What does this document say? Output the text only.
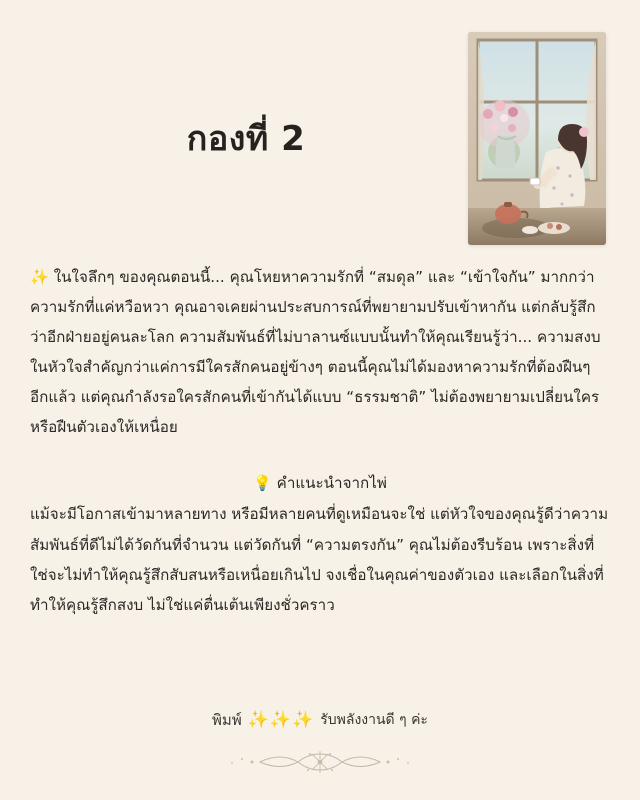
กองที่ 2
✨ ในใจลึกๆ ของคุณตอนนี้... คุณโหยหาความรักที่ “สมดุล” และ “เข้าใจกัน” มากกว่าความรักที่แค่หวือหวา คุณอาจเคยผ่านประสบการณ์ที่พยายามปรับเข้าหากัน แต่กลับรู้สึกว่าอีกฝ่ายอยู่คนละโลก ความสัมพันธ์ที่ไม่บาลานซ์แบบนั้นทำให้คุณเรียนรู้ว่า... ความสงบในหัวใจสำคัญกว่าแค่การมีใครสักคนอยู่ข้างๆ ตอนนี้คุณไม่ได้มองหาความรักที่ต้องฝืนๆ อีกแล้ว แต่คุณกำลังรอใครสักคนที่เข้ากันได้แบบ “ธรรมชาติ” ไม่ต้องพยายามเปลี่ยนใคร หรือฝืนตัวเองให้เหนื่อย
💡 คำแนะนำจากไพ่
แม้จะมีโอกาสเข้ามาหลายทาง หรือมีหลายคนที่ดูเหมือนจะใช่ แต่หัวใจของคุณรู้ดีว่าความสัมพันธ์ที่ดีไม่ได้วัดกันที่จำนวน แต่วัดกันที่ “ความตรงกัน” คุณไม่ต้องรีบร้อน เพราะสิ่งที่ใช่จะไม่ทำให้คุณรู้สึกสับสนหรือเหนื่อยเกินไป จงเชื่อในคุณค่าของตัวเอง และเลือกในสิ่งที่ทำให้คุณรู้สึกสงบ ไม่ใช่แค่ตื่นเต้นเพียงชั่วคราว
พิมพ์ ✨✨✨ รับพลังงานดี ๆ ค่ะ
